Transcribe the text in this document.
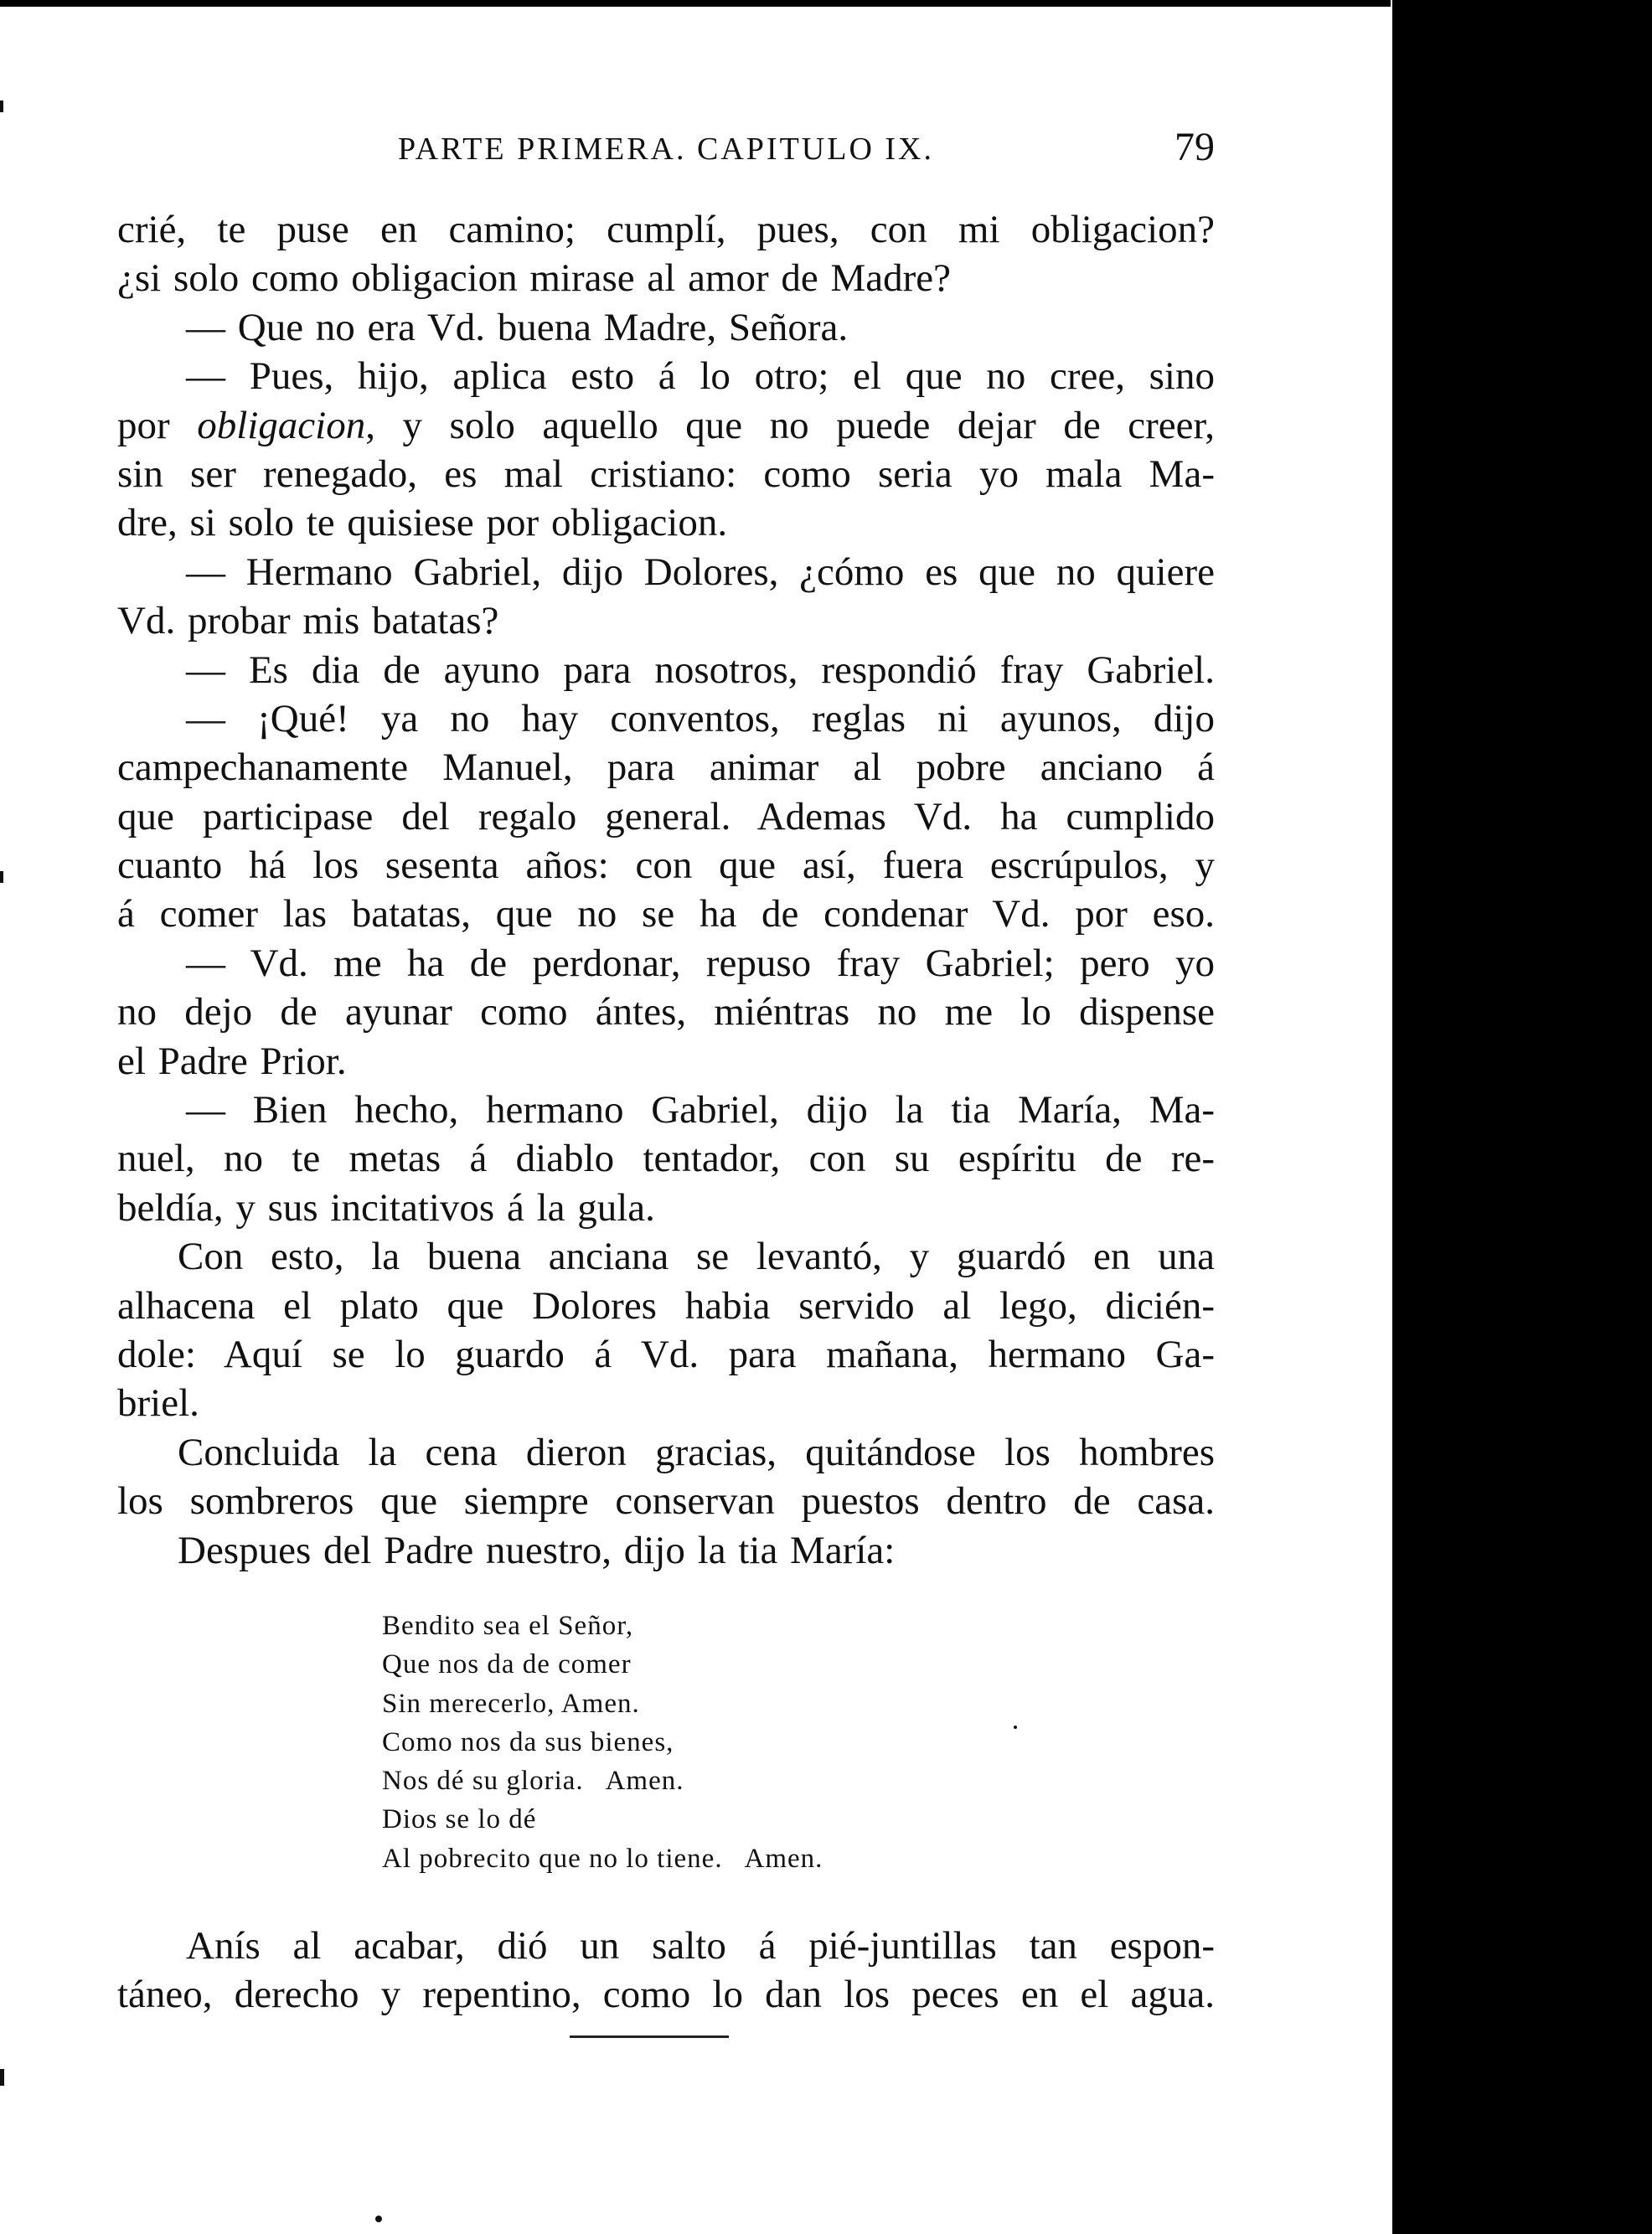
PARTE PRIMERA. CAPITULO IX.	79
crié, te puse en camino; cumplí, pues, con mi obligacion?
¿si solo como obligacion mirase al amor de Madre?
— Que no era Vd. buena Madre, Señora.
— Pues, hijo, aplica esto á lo otro; el que no cree, sino
por obligacion, y solo aquello que no puede dejar de creer,
sin ser renegado, es mal cristiano: como seria yo mala Ma-
dre, si solo te quisiese por obligacion.
— Hermano Gabriel, dijo Dolores, ¿cómo es que no quiere
Vd. probar mis batatas?
— Es dia de ayuno para nosotros, respondió fray Gabriel.
— ¡Qué! ya no hay conventos, reglas ni ayunos, dijo
campechanamente Manuel, para animar al pobre anciano á
que participase del regalo general. Ademas Vd. ha cumplido
cuanto há los sesenta años: con que así, fuera escrúpulos, y
á comer las batatas, que no se ha de condenar Vd. por eso.
— Vd. me ha de perdonar, repuso fray Gabriel; pero yo
no dejo de ayunar como ántes, miéntras no me lo dispense
el Padre Prior.
— Bien hecho, hermano Gabriel, dijo la tia María, Ma-
nuel, no te metas á diablo tentador, con su espíritu de re-
beldía, y sus incitativos á la gula.
Con esto, la buena anciana se levantó, y guardó en una
alhacena el plato que Dolores habia servido al lego, dicién-
dole: Aquí se lo guardo á Vd. para mañana, hermano Ga-
briel.
Concluida la cena dieron gracias, quitándose los hombres
los sombreros que siempre conservan puestos dentro de casa.
Despues del Padre nuestro, dijo la tia María:
Bendito sea el Señor,
Que nos da de comer
Sin merecerlo, Amen.
Como nos da sus bienes,
Nos dé su gloria.   Amen.
Dios se lo dé
Al pobrecito que no lo tiene.   Amen.
Anís al acabar, dió un salto á pié-juntillas tan espon-
táneo, derecho y repentino, como lo dan los peces en el agua.
